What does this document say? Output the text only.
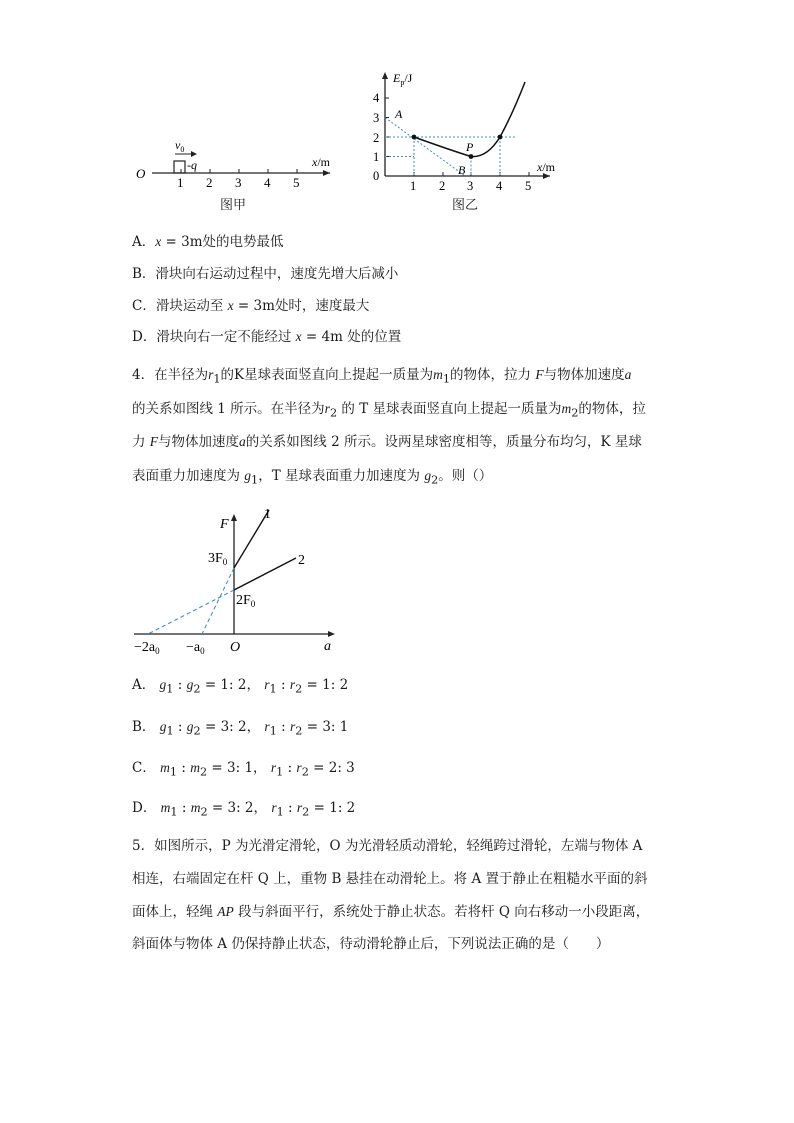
O
1 2 3 4 5
x/m
-q
$v_0$
图甲
1
2
3
4
0
1 2 3 4 5
$E_p/J$
x/m
A
B
P
图乙
A．x = 3m处的电势最低
B．滑块向右运动过程中，速度先增大后减小
C．滑块运动至 x = 3m处时，速度最大
D．滑块向右一定不能经过 x = 4m 处的位置
4．在半径为$r_1$的K星球表面竖直向上提起一质量为$m_1$的物体，拉力 F与物体加速度a
的关系如图线 1 所示。在半径为$r_2$ 的 T 星球表面竖直向上提起一质量为$m_2$的物体，拉
力 F与物体加速度a的关系如图线 2 所示。设两星球密度相等，质量分布均匀，K 星球
表面重力加速度为 $g_1$，T 星球表面重力加速度为 $g_2$。则（）
F
a
O
1
2
$3F_0$
$2F_0$
$-2a_0 -a_0$
A． $g_1$ : $g_2 = 1$: 2， $r_1$ : $r_2 = 1$: 2
B． $g_1$ : $g_2 = 3$: 2， $r_1$ : $r_2 = 3$: 1
C． $m_1$ : $m_2 = 3$: 1， $r_1$ : $r_2 = 2$: 3
D． $m_1$ : $m_2 = 3$: 2， $r_1$ : $r_2 = 1$: 2
5．如图所示，P 为光滑定滑轮，O 为光滑轻质动滑轮，轻绳跨过滑轮，左端与物体 A
相连，右端固定在杆 Q 上，重物 B 悬挂在动滑轮上。将 A 置于静止在粗糙水平面的斜
面体上，轻绳 AP 段与斜面平行，系统处于静止状态。若将杆 Q 向右移动一小段距离，
斜面体与物体 A 仍保持静止状态，待动滑轮静止后，下列说法正确的是（　　）
